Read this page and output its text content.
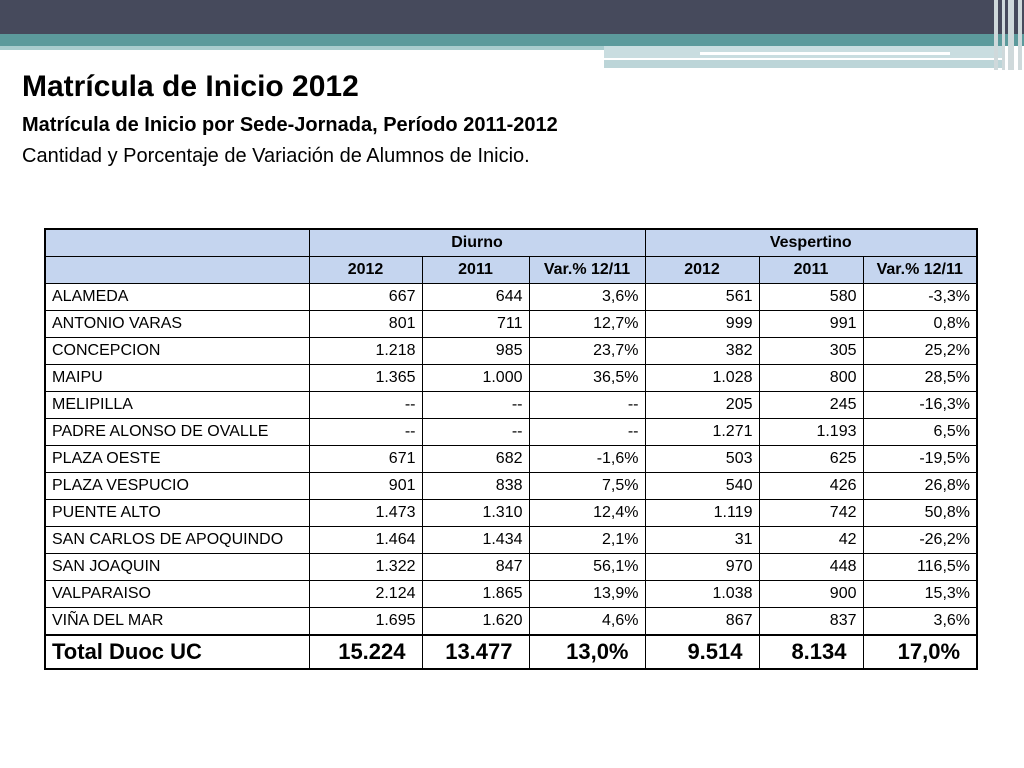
Matrícula de Inicio 2012
Matrícula de Inicio por Sede-Jornada, Período 2011-2012

Cantidad y Porcentaje de Variación de Alumnos de Inicio.

	Diurno			Vespertino		
	2012	2011	Var.% 12/11	2012	2011	Var.% 12/11
ALAMEDA	667	644	3,6%	561	580	-3,3%
ANTONIO VARAS	801	711	12,7%	999	991	0,8%
CONCEPCION	1.218	985	23,7%	382	305	25,2%
MAIPU	1.365	1.000	36,5%	1.028	800	28,5%
MELIPILLA	--	--	--	205	245	-16,3%
PADRE ALONSO DE OVALLE	--	--	--	1.271	1.193	6,5%
PLAZA OESTE	671	682	-1,6%	503	625	-19,5%
PLAZA VESPUCIO	901	838	7,5%	540	426	26,8%
PUENTE ALTO	1.473	1.310	12,4%	1.119	742	50,8%
SAN CARLOS DE APOQUINDO	1.464	1.434	2,1%	31	42	-26,2%
SAN JOAQUIN	1.322	847	56,1%	970	448	116,5%
VALPARAISO	2.124	1.865	13,9%	1.038	900	15,3%
VIÑA DEL MAR	1.695	1.620	4,6%	867	837	3,6%
Total Duoc UC	15.224	13.477	13,0%	9.514	8.134	17,0%
